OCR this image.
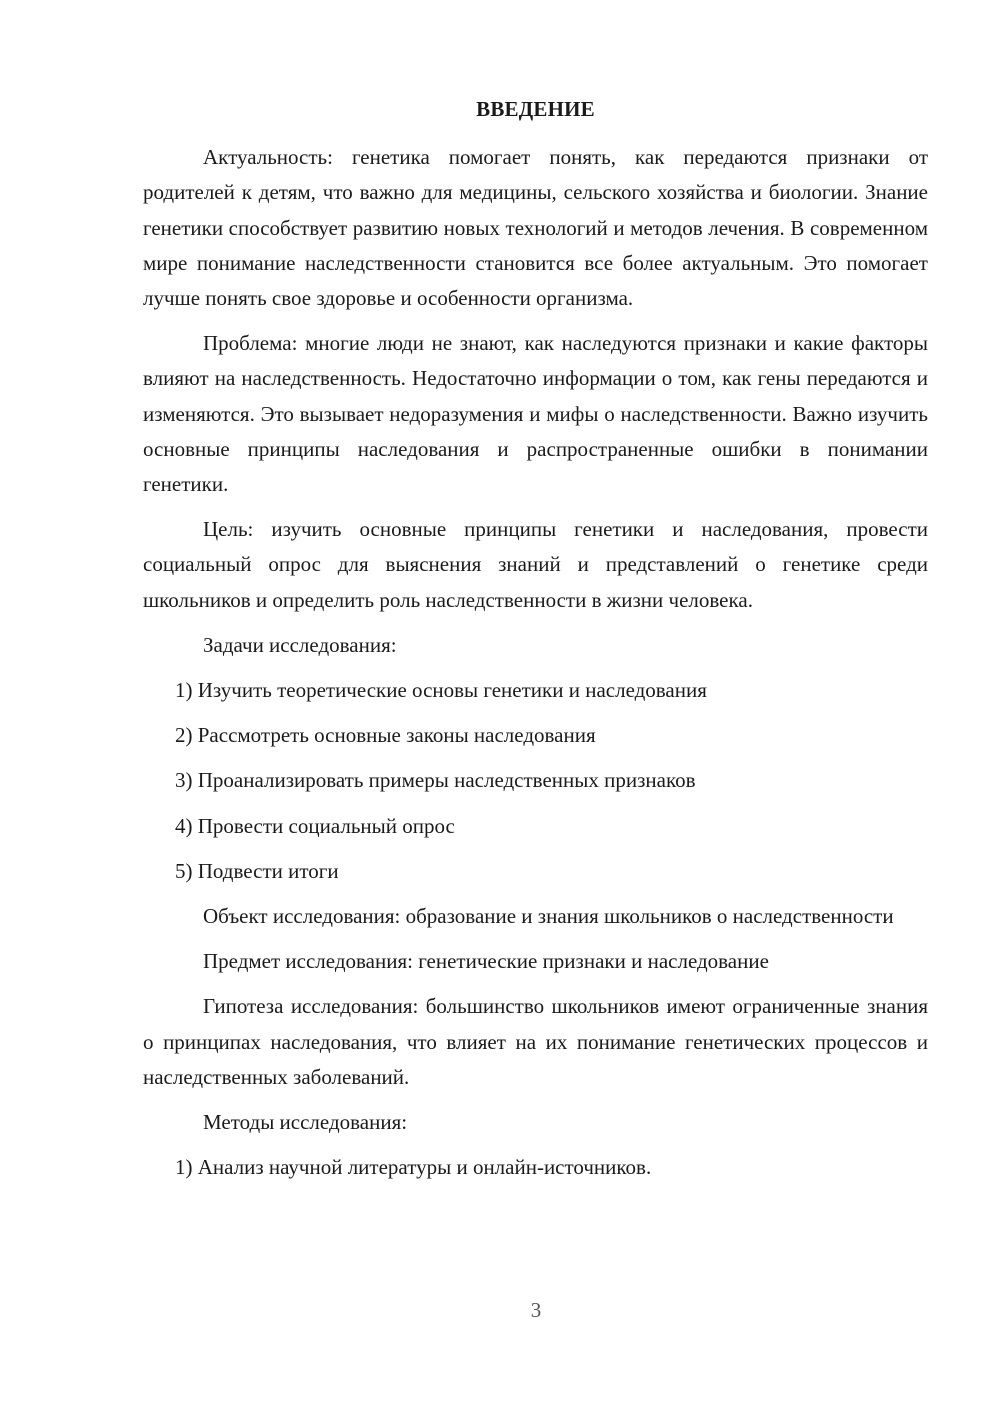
ВВЕДЕНИЕ

Актуальность: генетика помогает понять, как передаются признаки от родителей к детям, что важно для медицины, сельского хозяйства и биологии. Знание генетики способствует развитию новых технологий и методов лечения. В современном мире понимание наследственности становится все более актуальным. Это помогает лучше понять свое здоровье и особенности организма.

Проблема: многие люди не знают, как наследуются признаки и какие факторы влияют на наследственность. Недостаточно информации о том, как гены передаются и изменяются. Это вызывает недоразумения и мифы о наследственности. Важно изучить основные принципы наследования и распространенные ошибки в понимании генетики.

Цель: изучить основные принципы генетики и наследования, провести социальный опрос для выяснения знаний и представлений о генетике среди школьников и определить роль наследственности в жизни человека.

Задачи исследования:

1) Изучить теоретические основы генетики и наследования

2) Рассмотреть основные законы наследования

3) Проанализировать примеры наследственных признаков

4) Провести социальный опрос

5) Подвести итоги

Объект исследования: образование и знания школьников о наследственности

Предмет исследования: генетические признаки и наследование

Гипотеза исследования: большинство школьников имеют ограниченные знания о принципах наследования, что влияет на их понимание генетических процессов и наследственных заболеваний.

Методы исследования:

1) Анализ научной литературы и онлайн-источников.

3
